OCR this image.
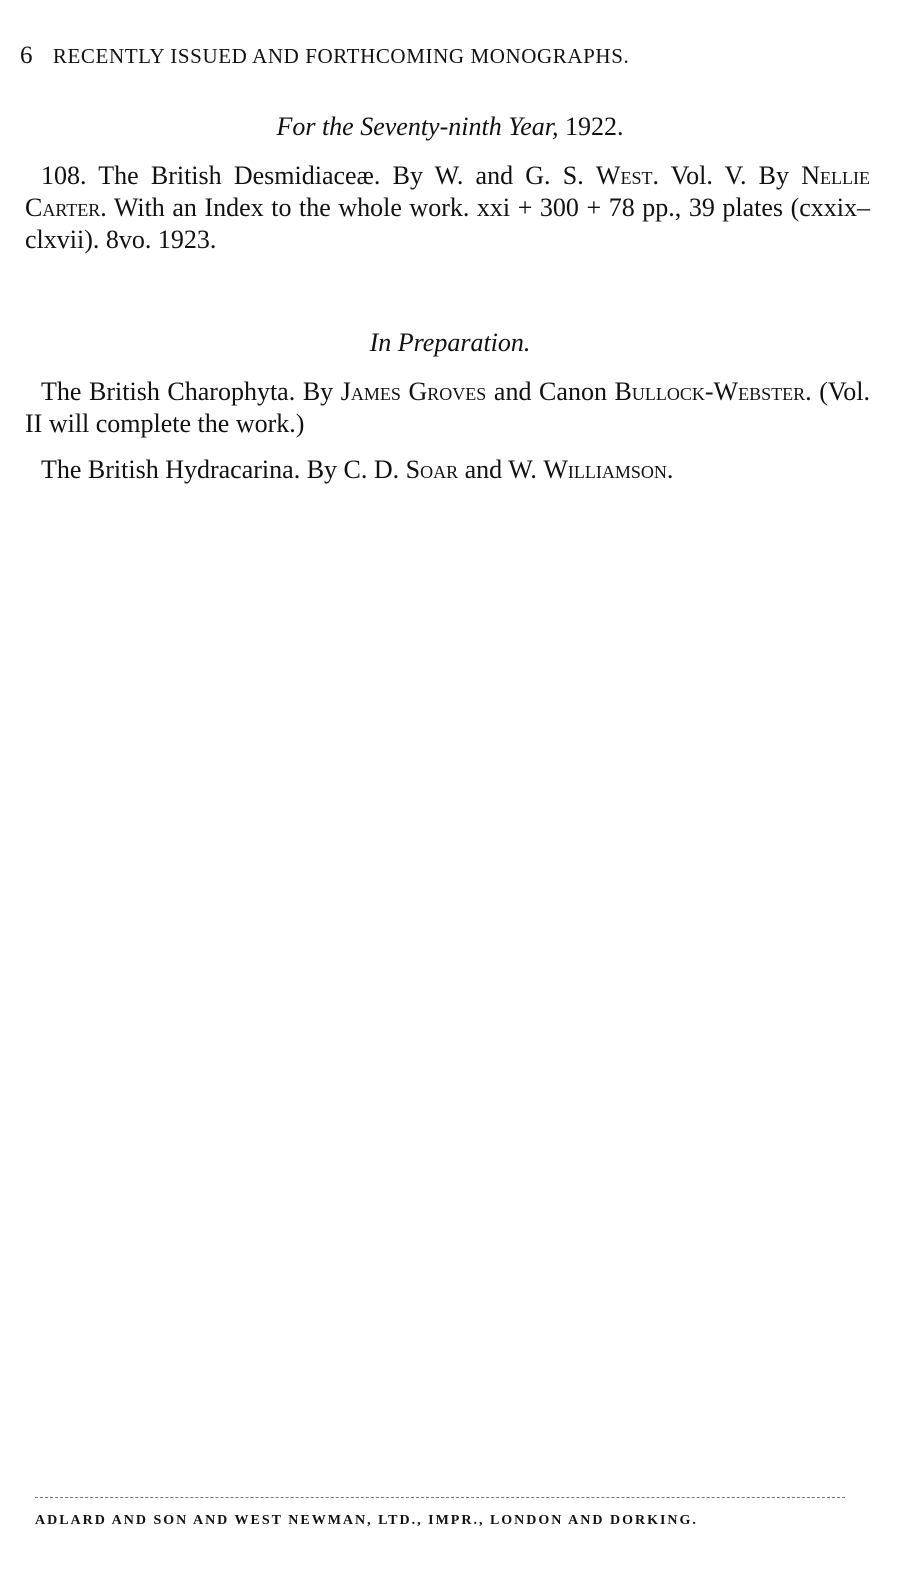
6 RECENTLY ISSUED AND FORTHCOMING MONOGRAPHS.
For the Seventy-ninth Year, 1922.
108. The British Desmidiaceæ. By W. and G. S. West. Vol. V. By Nellie Carter. With an Index to the whole work. xxi + 300 + 78 pp., 39 plates (cxxix–clxvii). 8vo. 1923.
In Preparation.
The British Charophyta. By James Groves and Canon Bullock-Webster. (Vol. II will complete the work.)
The British Hydracarina. By C. D. Soar and W. Williamson.
ADLARD AND SON AND WEST NEWMAN, LTD., IMPR., LONDON AND DORKING.
